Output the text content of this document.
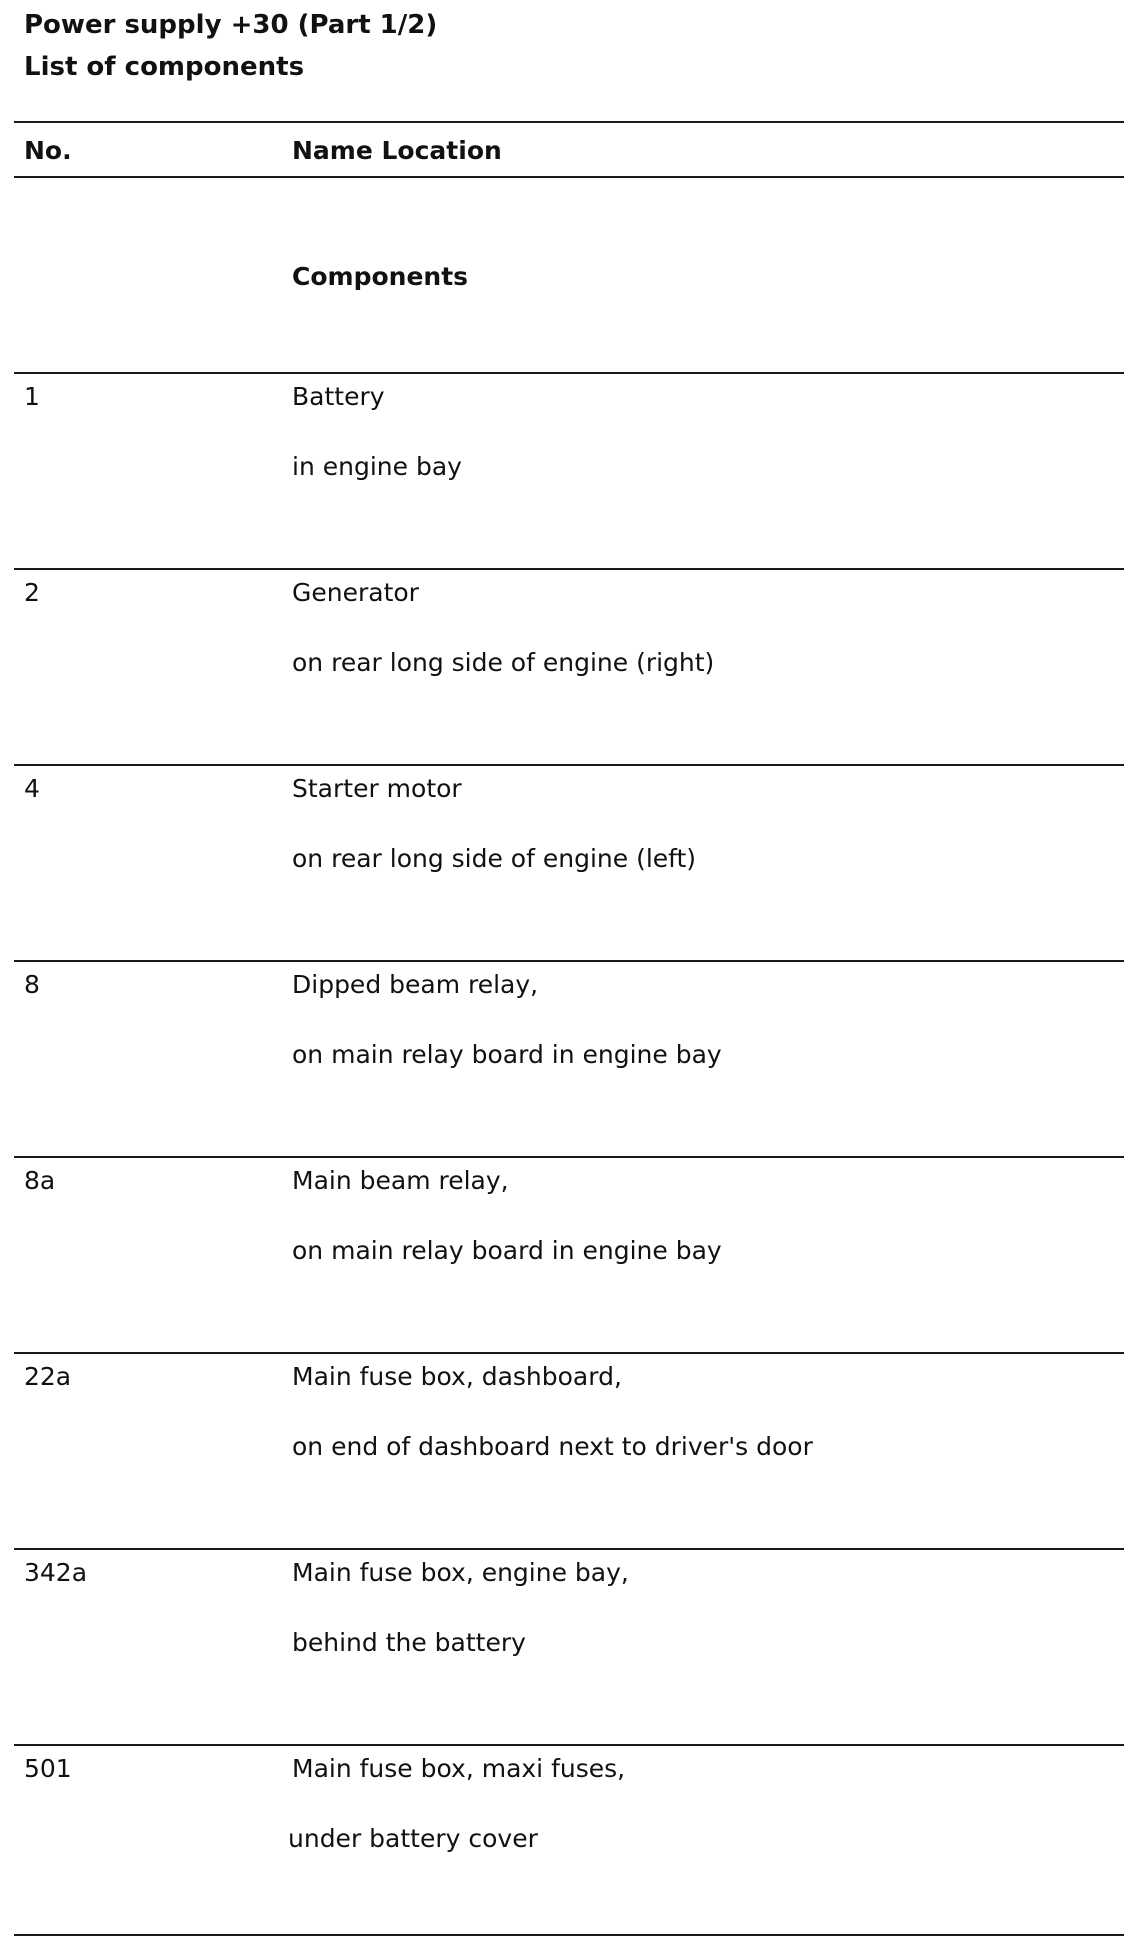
Power supply +30 (Part 1/2)
List of components
No.	Name Location
Components
1	Battery
in engine bay
2	Generator
on rear long side of engine (right)
4	Starter motor
on rear long side of engine (left)
8	Dipped beam relay,
on main relay board in engine bay
8a	Main beam relay,
on main relay board in engine bay
22a	Main fuse box, dashboard,
on end of dashboard next to driver's door
342a	Main fuse box, engine bay,
behind the battery
501	Main fuse box, maxi fuses,
under battery cover
